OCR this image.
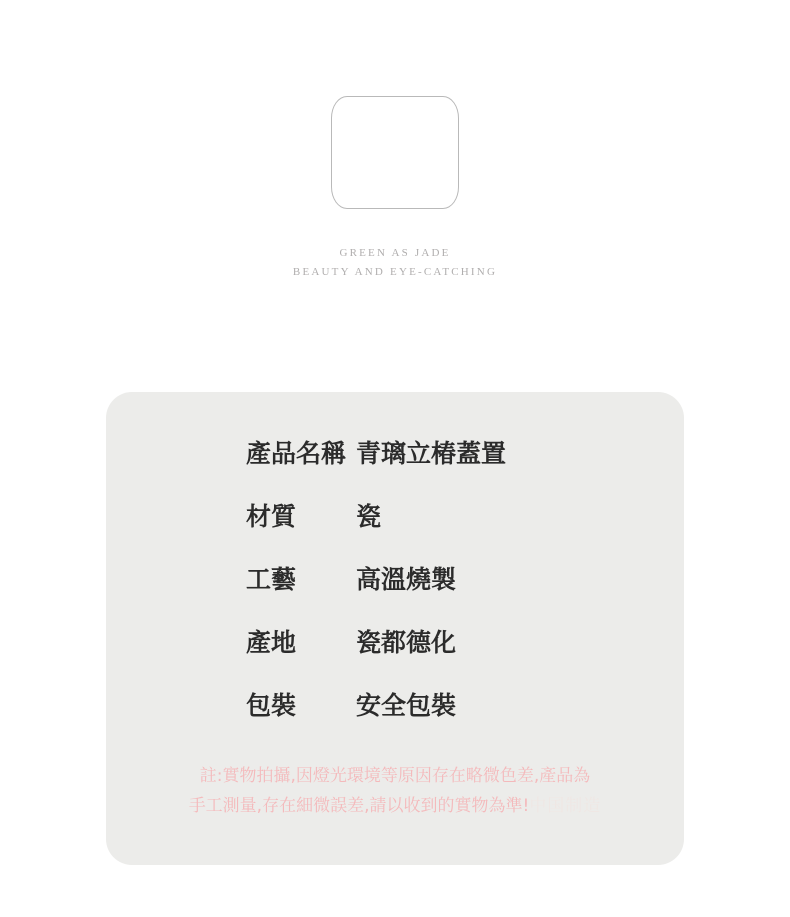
GREEN AS JADE
BEAUTY AND EYE-CATCHING
產品名稱 青璃立椿蓋置
材質	瓷
工藝	高溫燒製
產地	瓷都德化
包裝	安全包裝
註:實物拍攝,因燈光環境等原因存在略微色差,產品為
手工測量,存在細微誤差,請以收到的實物為準!中国制造
